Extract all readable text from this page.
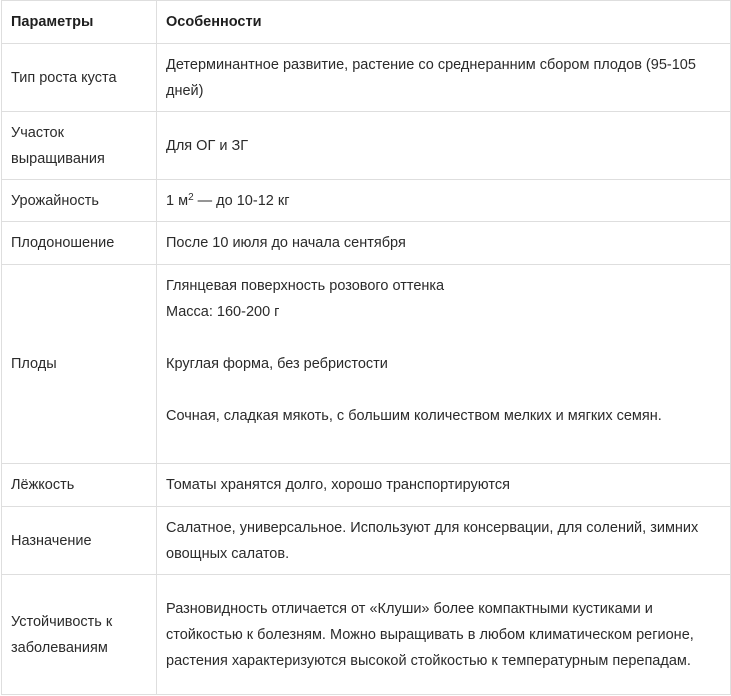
Параметры	Особенности
Тип роста куста	Детерминантное развитие, растение со среднеранним сбором плодов (95-105 дней)
Участок выращивания	Для ОГ и ЗГ
Урожайность	1 $м^2$ — до 10-12 кг
Плодоношение	После 10 июля до начала сентября
Плоды	Глянцевая поверхность розового оттенка
Масса: 160-200 г
Круглая форма, без ребристости
Сочная, сладкая мякоть, с большим количеством мелких и мягких семян.

Лёжкость	Томаты хранятся долго, хорошо транспортируются
Назначение	Салатное, универсальное. Используют для консервации, для солений, зимних овощных салатов.
Устойчивость к заболеваниям	Разновидность отличается от «Клуши» более компактными кустиками и стойкостью к болезням. Можно выращивать в любом климатическом регионе, растения характеризуются высокой стойкостью к температурным перепадам.
